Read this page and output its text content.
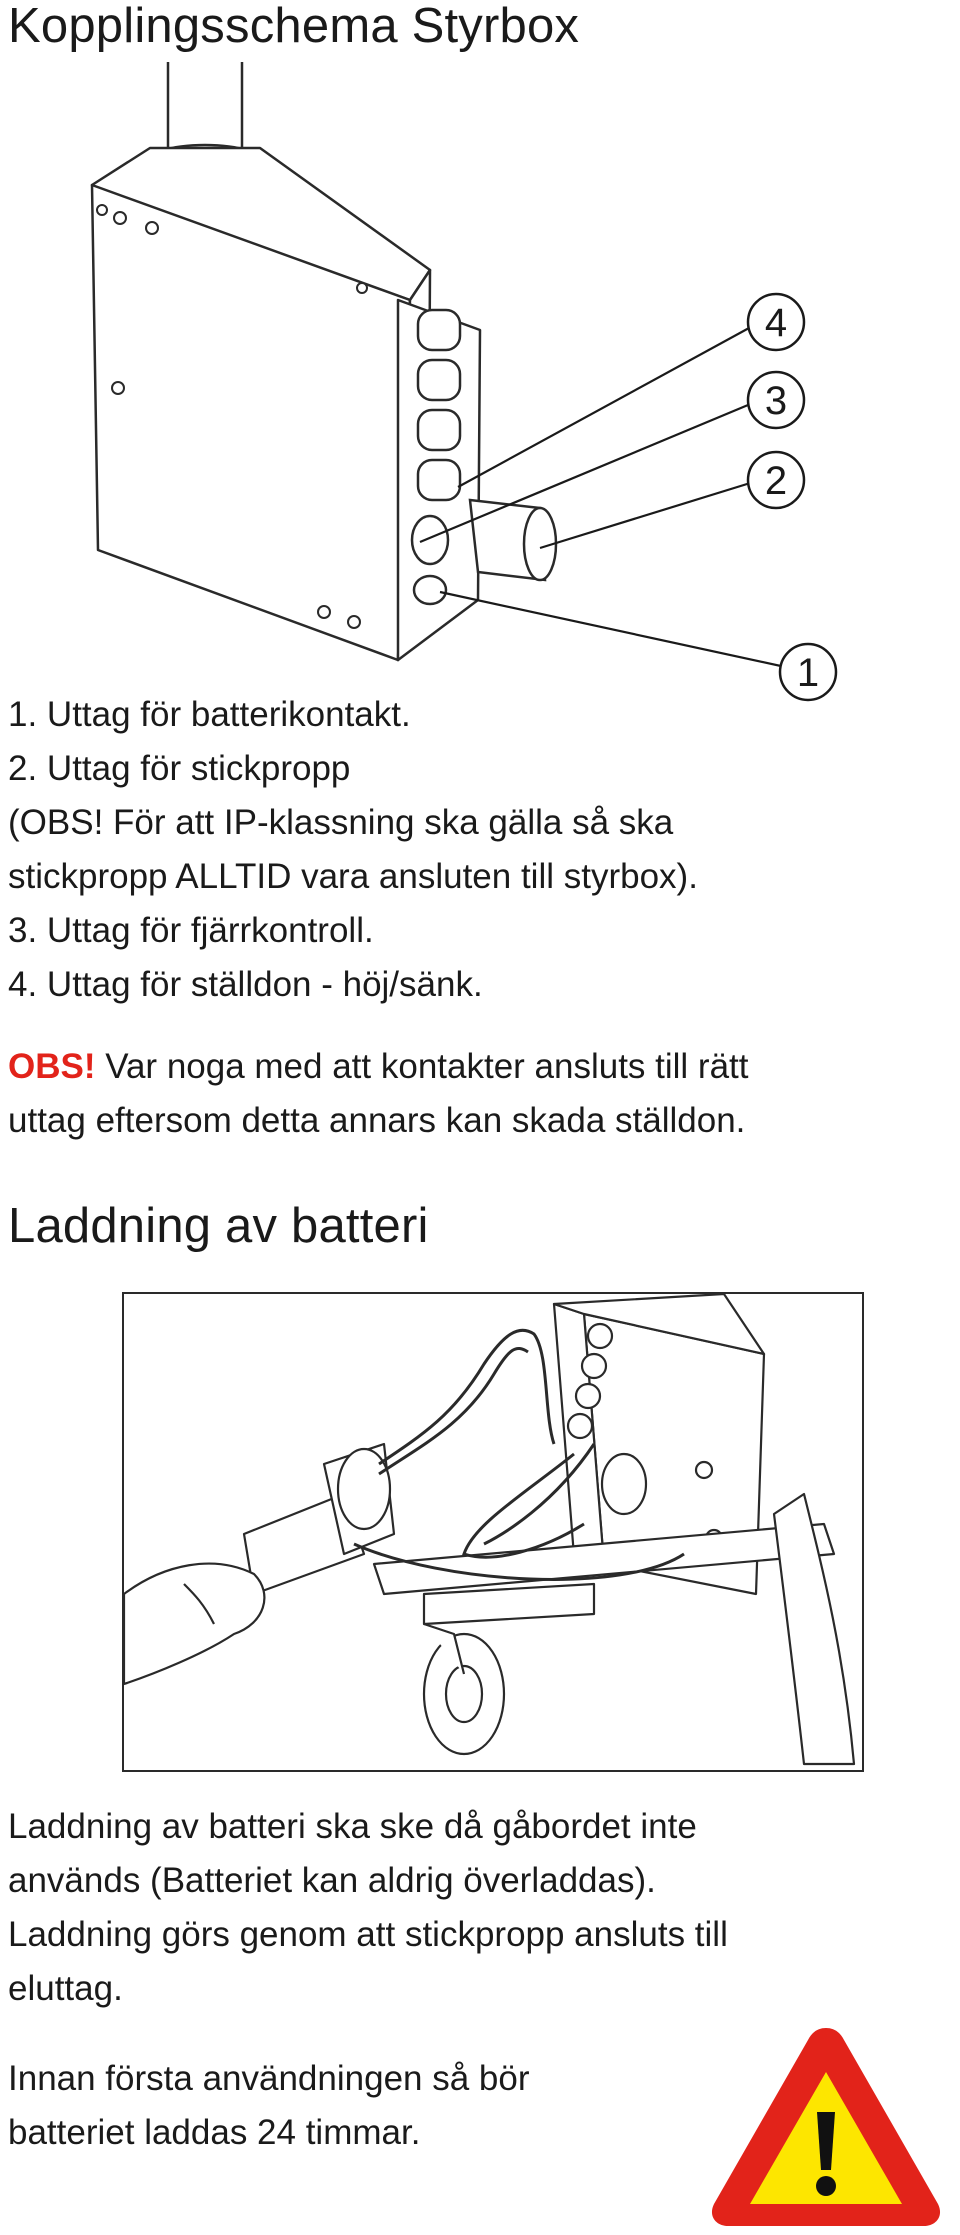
Kopplingsschema Styrbox
4
3
2
1
1. Uttag för batterikontakt.
2. Uttag för stickpropp
(OBS! För att IP-klassning ska gälla så ska
stickpropp ALLTID vara ansluten till styrbox).
3. Uttag för fjärrkontroll.
4. Uttag för ställdon - höj/sänk.
OBS! Var noga med att kontakter ansluts till rätt
uttag eftersom detta annars kan skada ställdon.
Laddning av batteri
Laddning av batteri ska ske då gåbordet inte
används (Batteriet kan aldrig överladdas).
Laddning görs genom att stickpropp ansluts till
eluttag.
Innan första användningen så bör
batteriet laddas 24 timmar.
